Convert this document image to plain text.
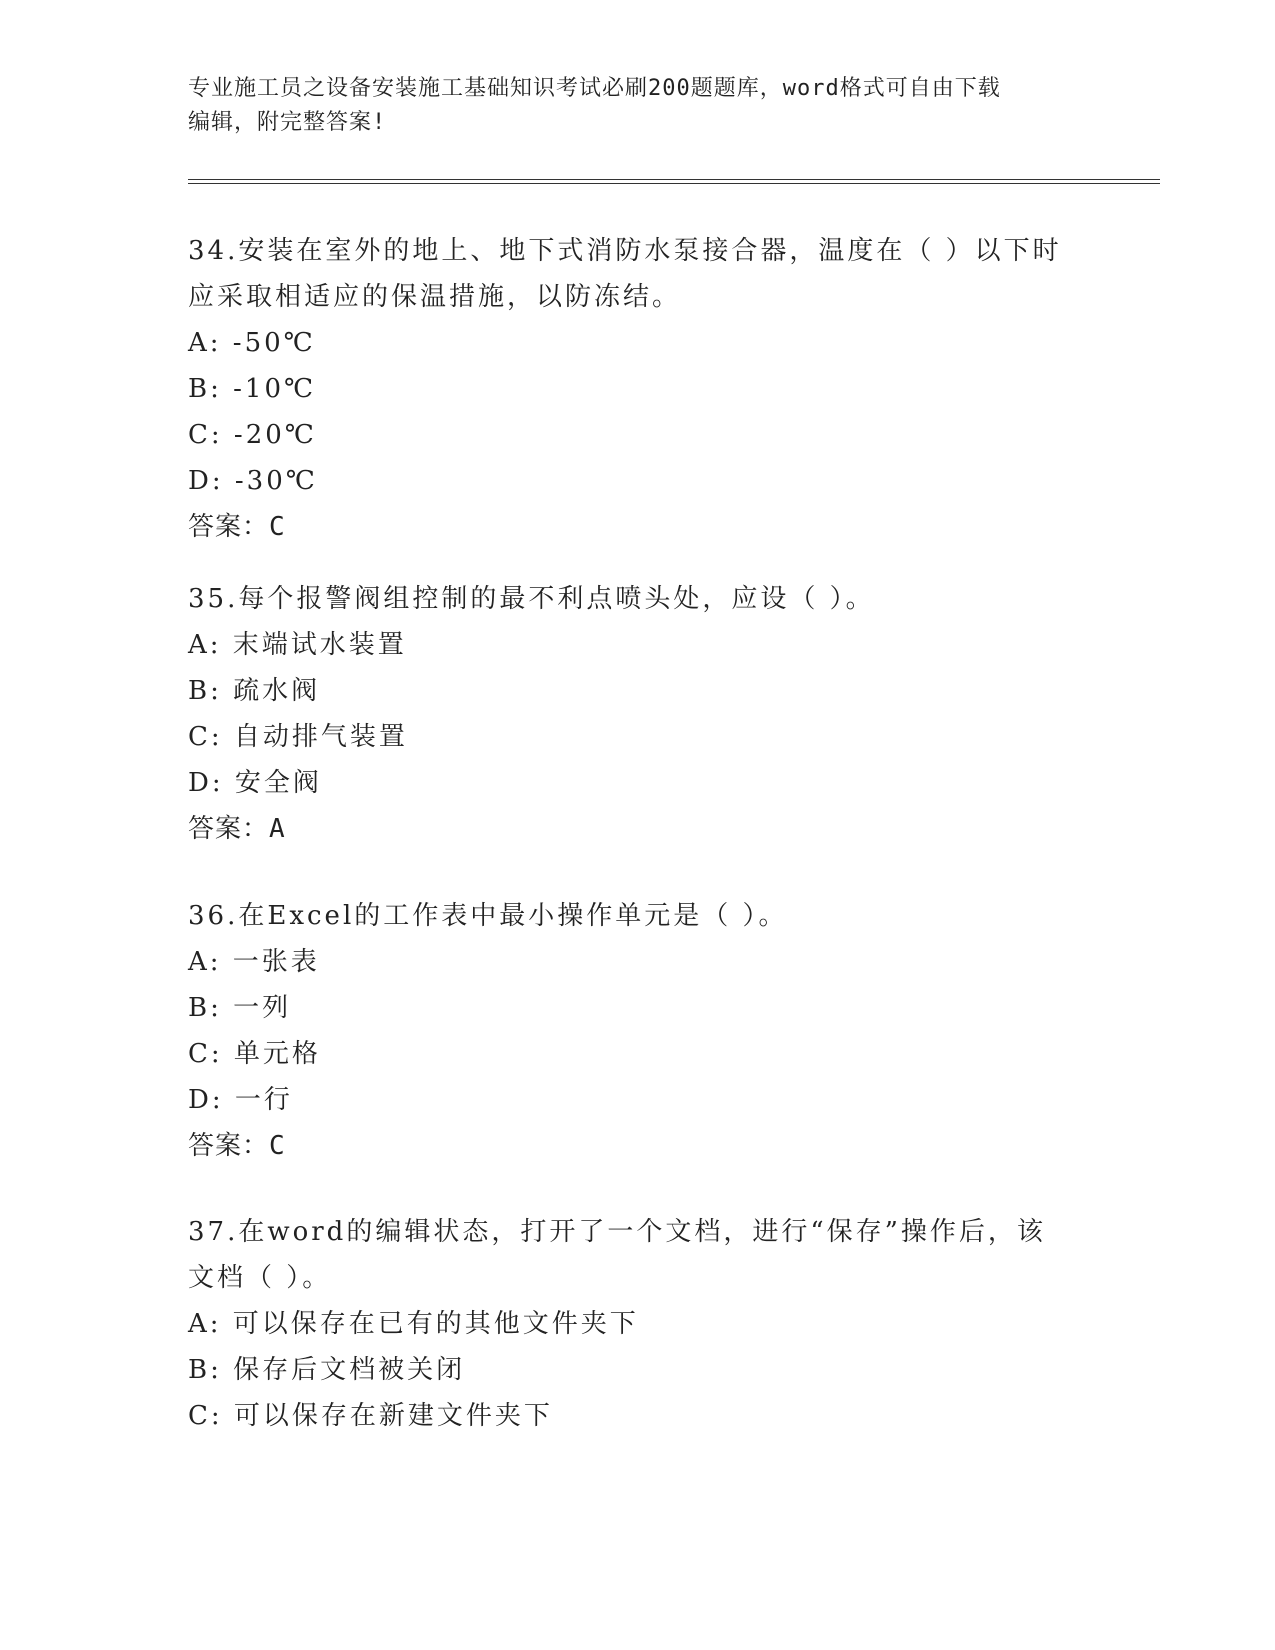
专业施工员之设备安装施工基础知识考试必刷200题题库，word格式可自由下载
编辑，附完整答案!

34.安装在室外的地上、地下式消防水泵接合器，温度在（ ）以下时

应采取相适应的保温措施，以防冻结。

A: -50℃

B: -10℃

C: -20℃

D: -30℃

答案：C

35.每个报警阀组控制的最不利点喷头处，应设（ ）。

A: 末端试水装置

B: 疏水阀

C: 自动排气装置

D: 安全阀

答案：A

36.在Excel的工作表中最小操作单元是（ ）。

A: 一张表

B: 一列

C: 单元格

D: 一行

答案：C

37.在word的编辑状态，打开了一个文档，进行“保存”操作后，该

文档（ ）。

A: 可以保存在已有的其他文件夹下

B: 保存后文档被关闭

C: 可以保存在新建文件夹下
